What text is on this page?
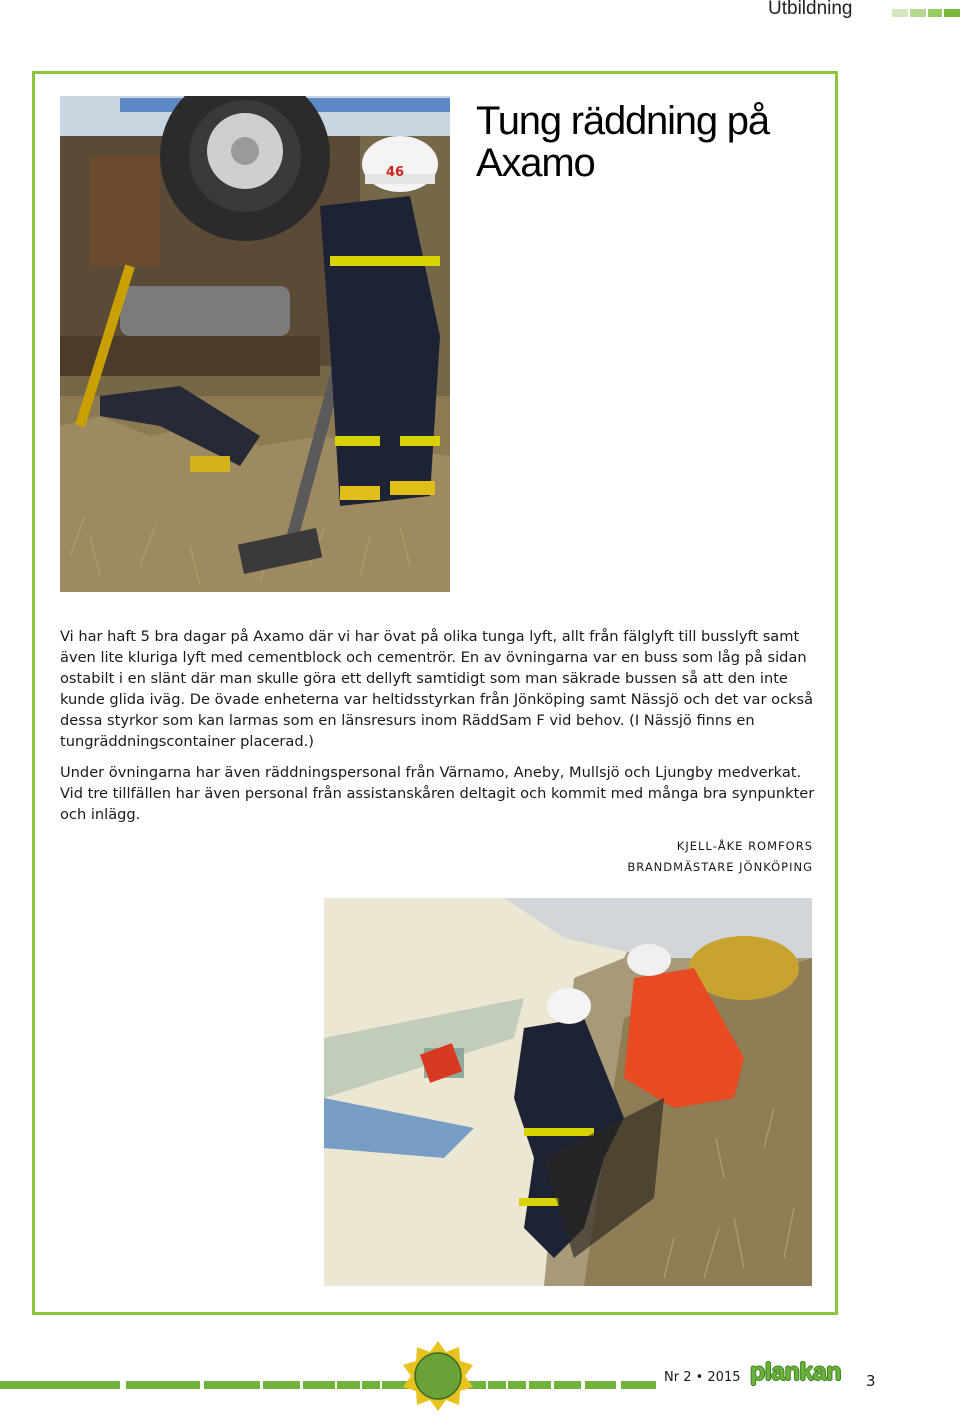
Utbildning
46
Tung räddning på Axamo

Vi har haft 5 bra dagar på Axamo där vi har övat på olika tunga lyft, allt från fälglyft till busslyft samt även lite kluriga lyft med cementblock och cementrör. En av övningarna var en buss som låg på sidan ostabilt i en slänt där man skulle göra ett dellyft samtidigt som man säkrade bussen så att den inte kunde glida iväg. De övade enheterna var heltidsstyrkan från Jönköping samt Nässjö och det var också dessa styrkor som kan larmas som en länsresurs inom RäddSam F vid behov. (I Nässjö finns en tungräddningscontainer placerad.)

Under övningarna har även räddningspersonal från Värnamo, Aneby, Mullsjö och Ljungby medverkat. Vid tre tillfällen har även personal från assistanskåren deltagit och kommit med många bra synpunkter och inlägg.

KJELL-ÅKE ROMFORS
BRANDMÄSTARE JÖNKÖPING
Nr 2 • 2015 plankan 3
